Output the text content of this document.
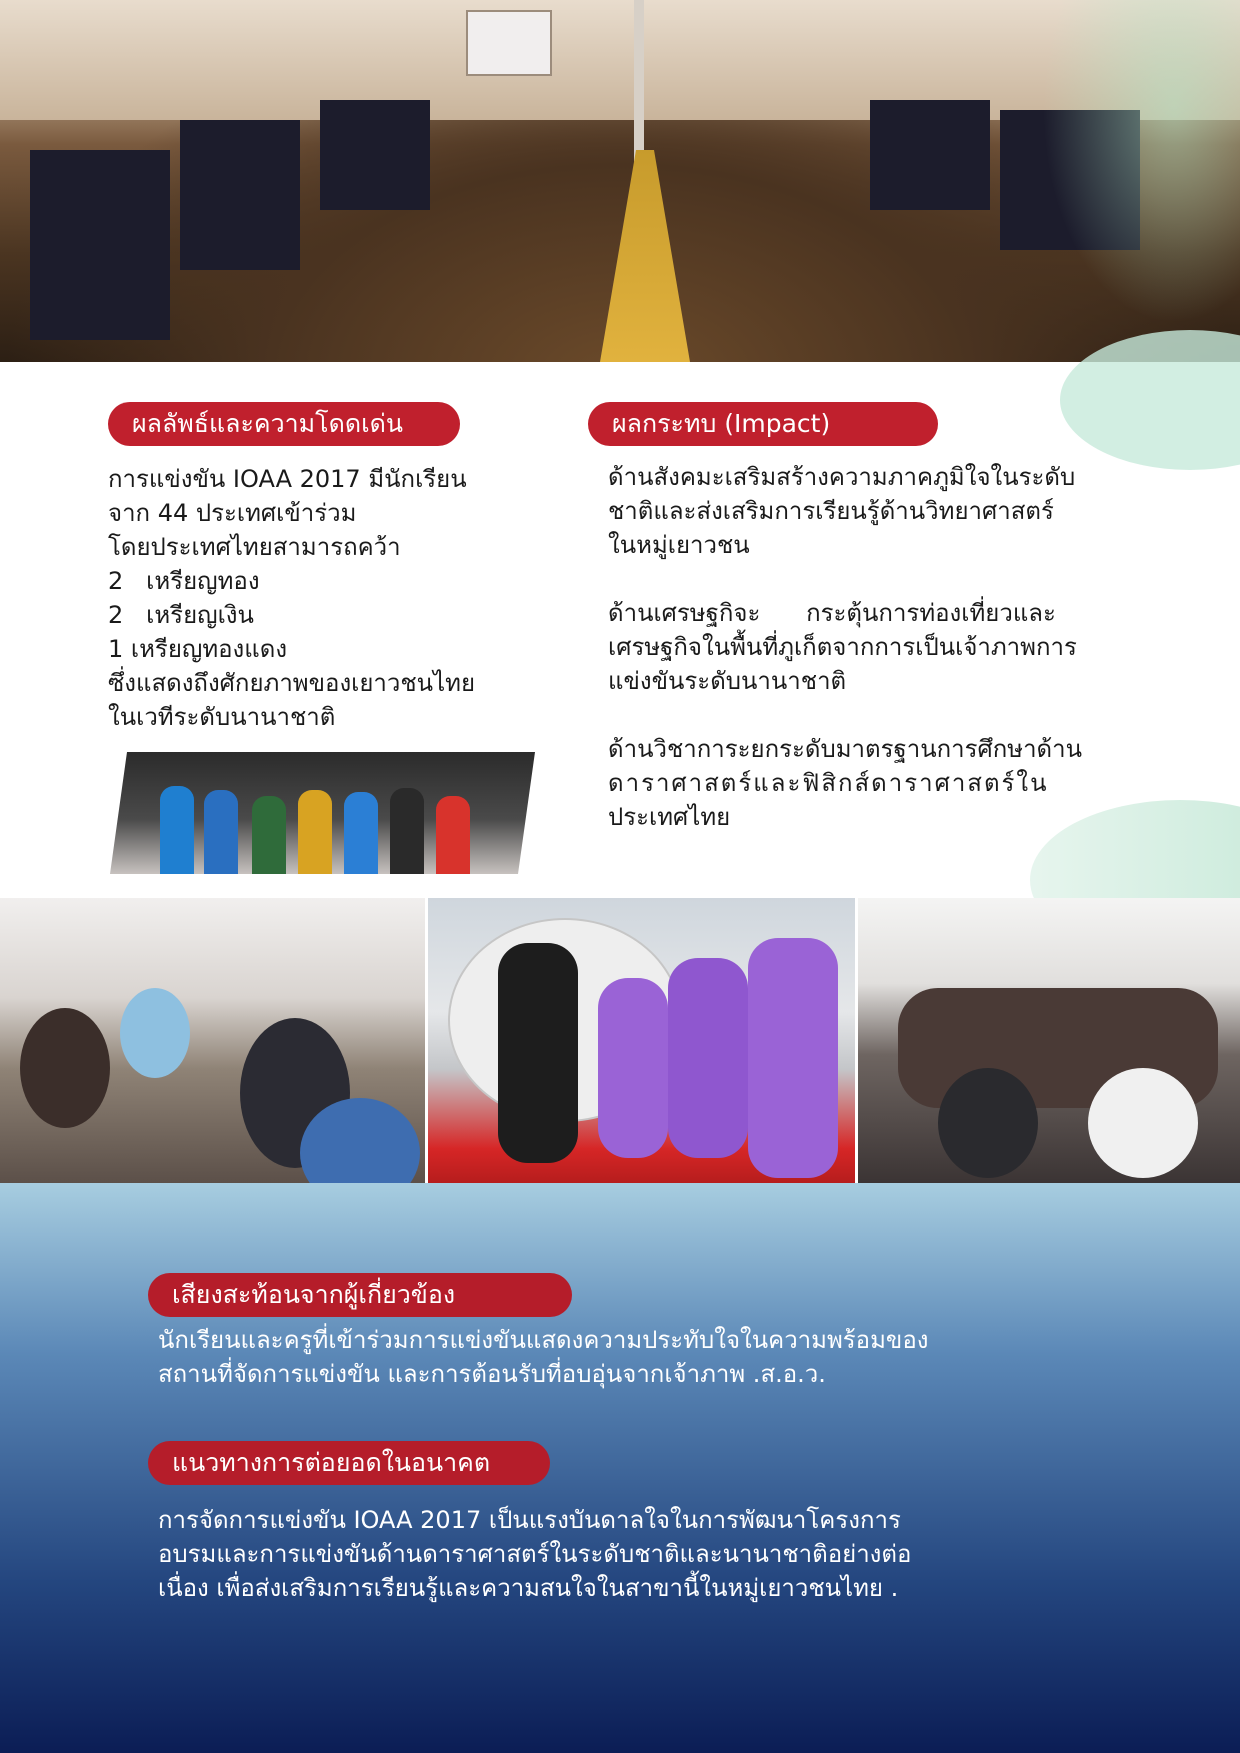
ผลลัพธ์และความโดดเด่น
การแข่งขัน IOAA 2017 มีนักเรียน
จาก 44 ประเทศเข้าร่วม
โดยประเทศไทยสามารถคว้า
2   เหรียญทอง
2   เหรียญเงิน
1 เหรียญทองแดง
ซึ่งแสดงถึงศักยภาพของเยาวชนไทย
ในเวทีระดับนานาชาติ
ผลกระทบ (Impact)
ด้านสังคมะเสริมสร้างความภาคภูมิใจในระดับ
ชาติและส่งเสริมการเรียนรู้ด้านวิทยาศาสตร์
ในหมู่เยาวชน
ด้านเศรษฐกิจะ      กระตุ้นการท่องเที่ยวและ
เศรษฐกิจในพื้นที่ภูเก็ตจากการเป็นเจ้าภาพการ
แข่งขันระดับนานาชาติ
ด้านวิชาการะยกระดับมาตรฐานการศึกษาด้าน
ดาราศาสตร์และฟิสิกส์ดาราศาสตร์ใน
ประเทศไทย
เสียงสะท้อนจากผู้เกี่ยวข้อง
นักเรียนและครูที่เข้าร่วมการแข่งขันแสดงความประทับใจในความพร้อมของ
สถานที่จัดการแข่งขัน และการต้อนรับที่อบอุ่นจากเจ้าภาพ .ส.อ.ว.
แนวทางการต่อยอดในอนาคต
การจัดการแข่งขัน IOAA 2017 เป็นแรงบันดาลใจในการพัฒนาโครงการ
อบรมและการแข่งขันด้านดาราศาสตร์ในระดับชาติและนานาชาติอย่างต่อ
เนื่อง เพื่อส่งเสริมการเรียนรู้และความสนใจในสาขานี้ในหมู่เยาวชนไทย .
